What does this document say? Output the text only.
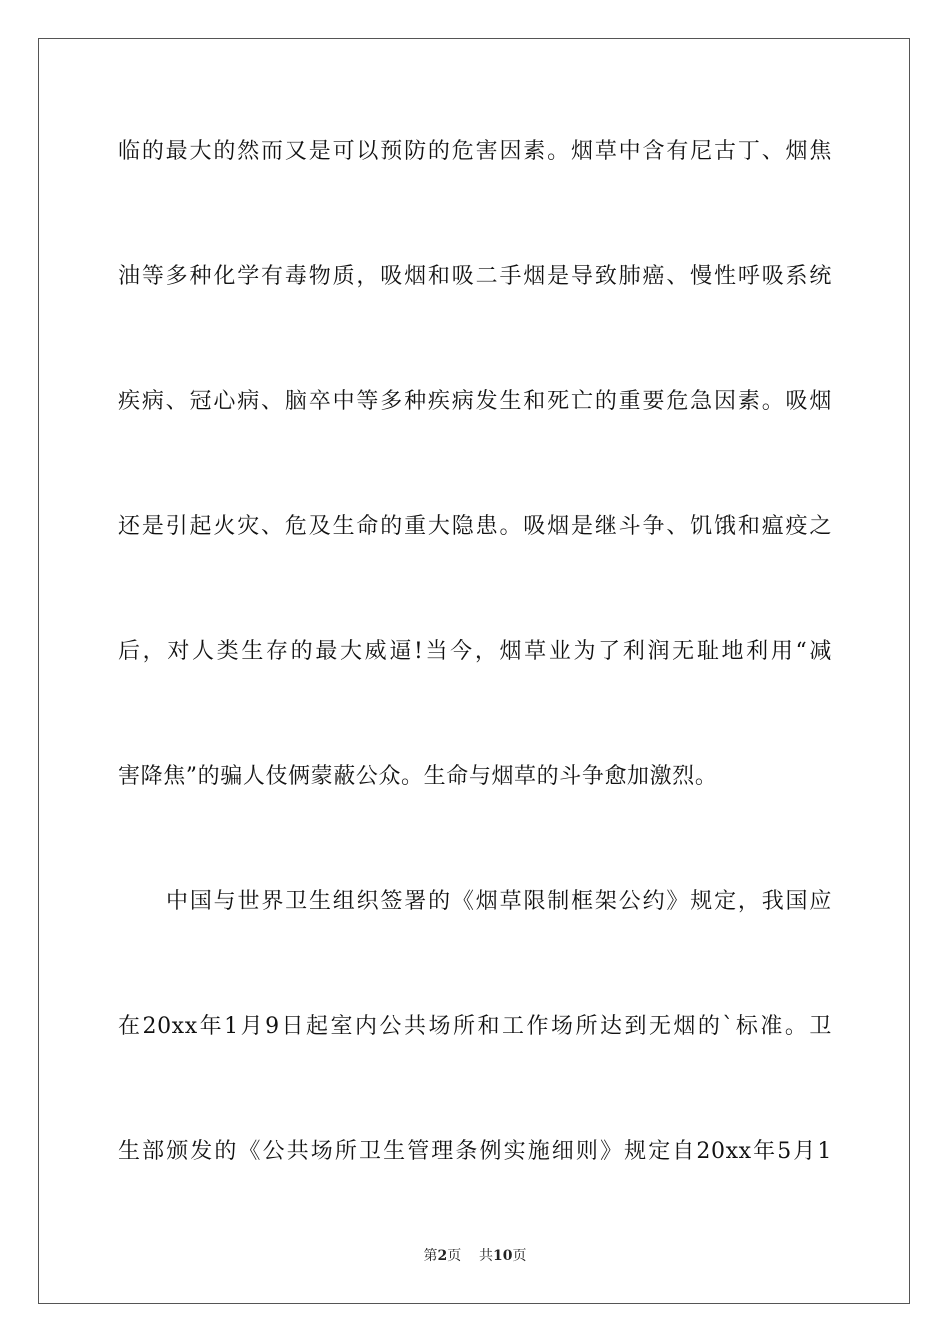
临的最大的然而又是可以预防的危害因素。烟草中含有尼古丁、烟焦
油等多种化学有毒物质，吸烟和吸二手烟是导致肺癌、慢性呼吸系统
疾病、冠心病、脑卒中等多种疾病发生和死亡的重要危急因素。吸烟
还是引起火灾、危及生命的重大隐患。吸烟是继斗争、饥饿和瘟疫之
后，对人类生存的最大威逼!当今，烟草业为了利润无耻地利用“减
害降焦”的骗人伎俩蒙蔽公众。生命与烟草的斗争愈加激烈。
中国与世界卫生组织签署的《烟草限制框架公约》规定，我国应
在20xx年1月9日起室内公共场所和工作场所达到无烟的`标准。卫
生部颁发的《公共场所卫生管理条例实施细则》规定自20xx年5月1
第2页 共10页
